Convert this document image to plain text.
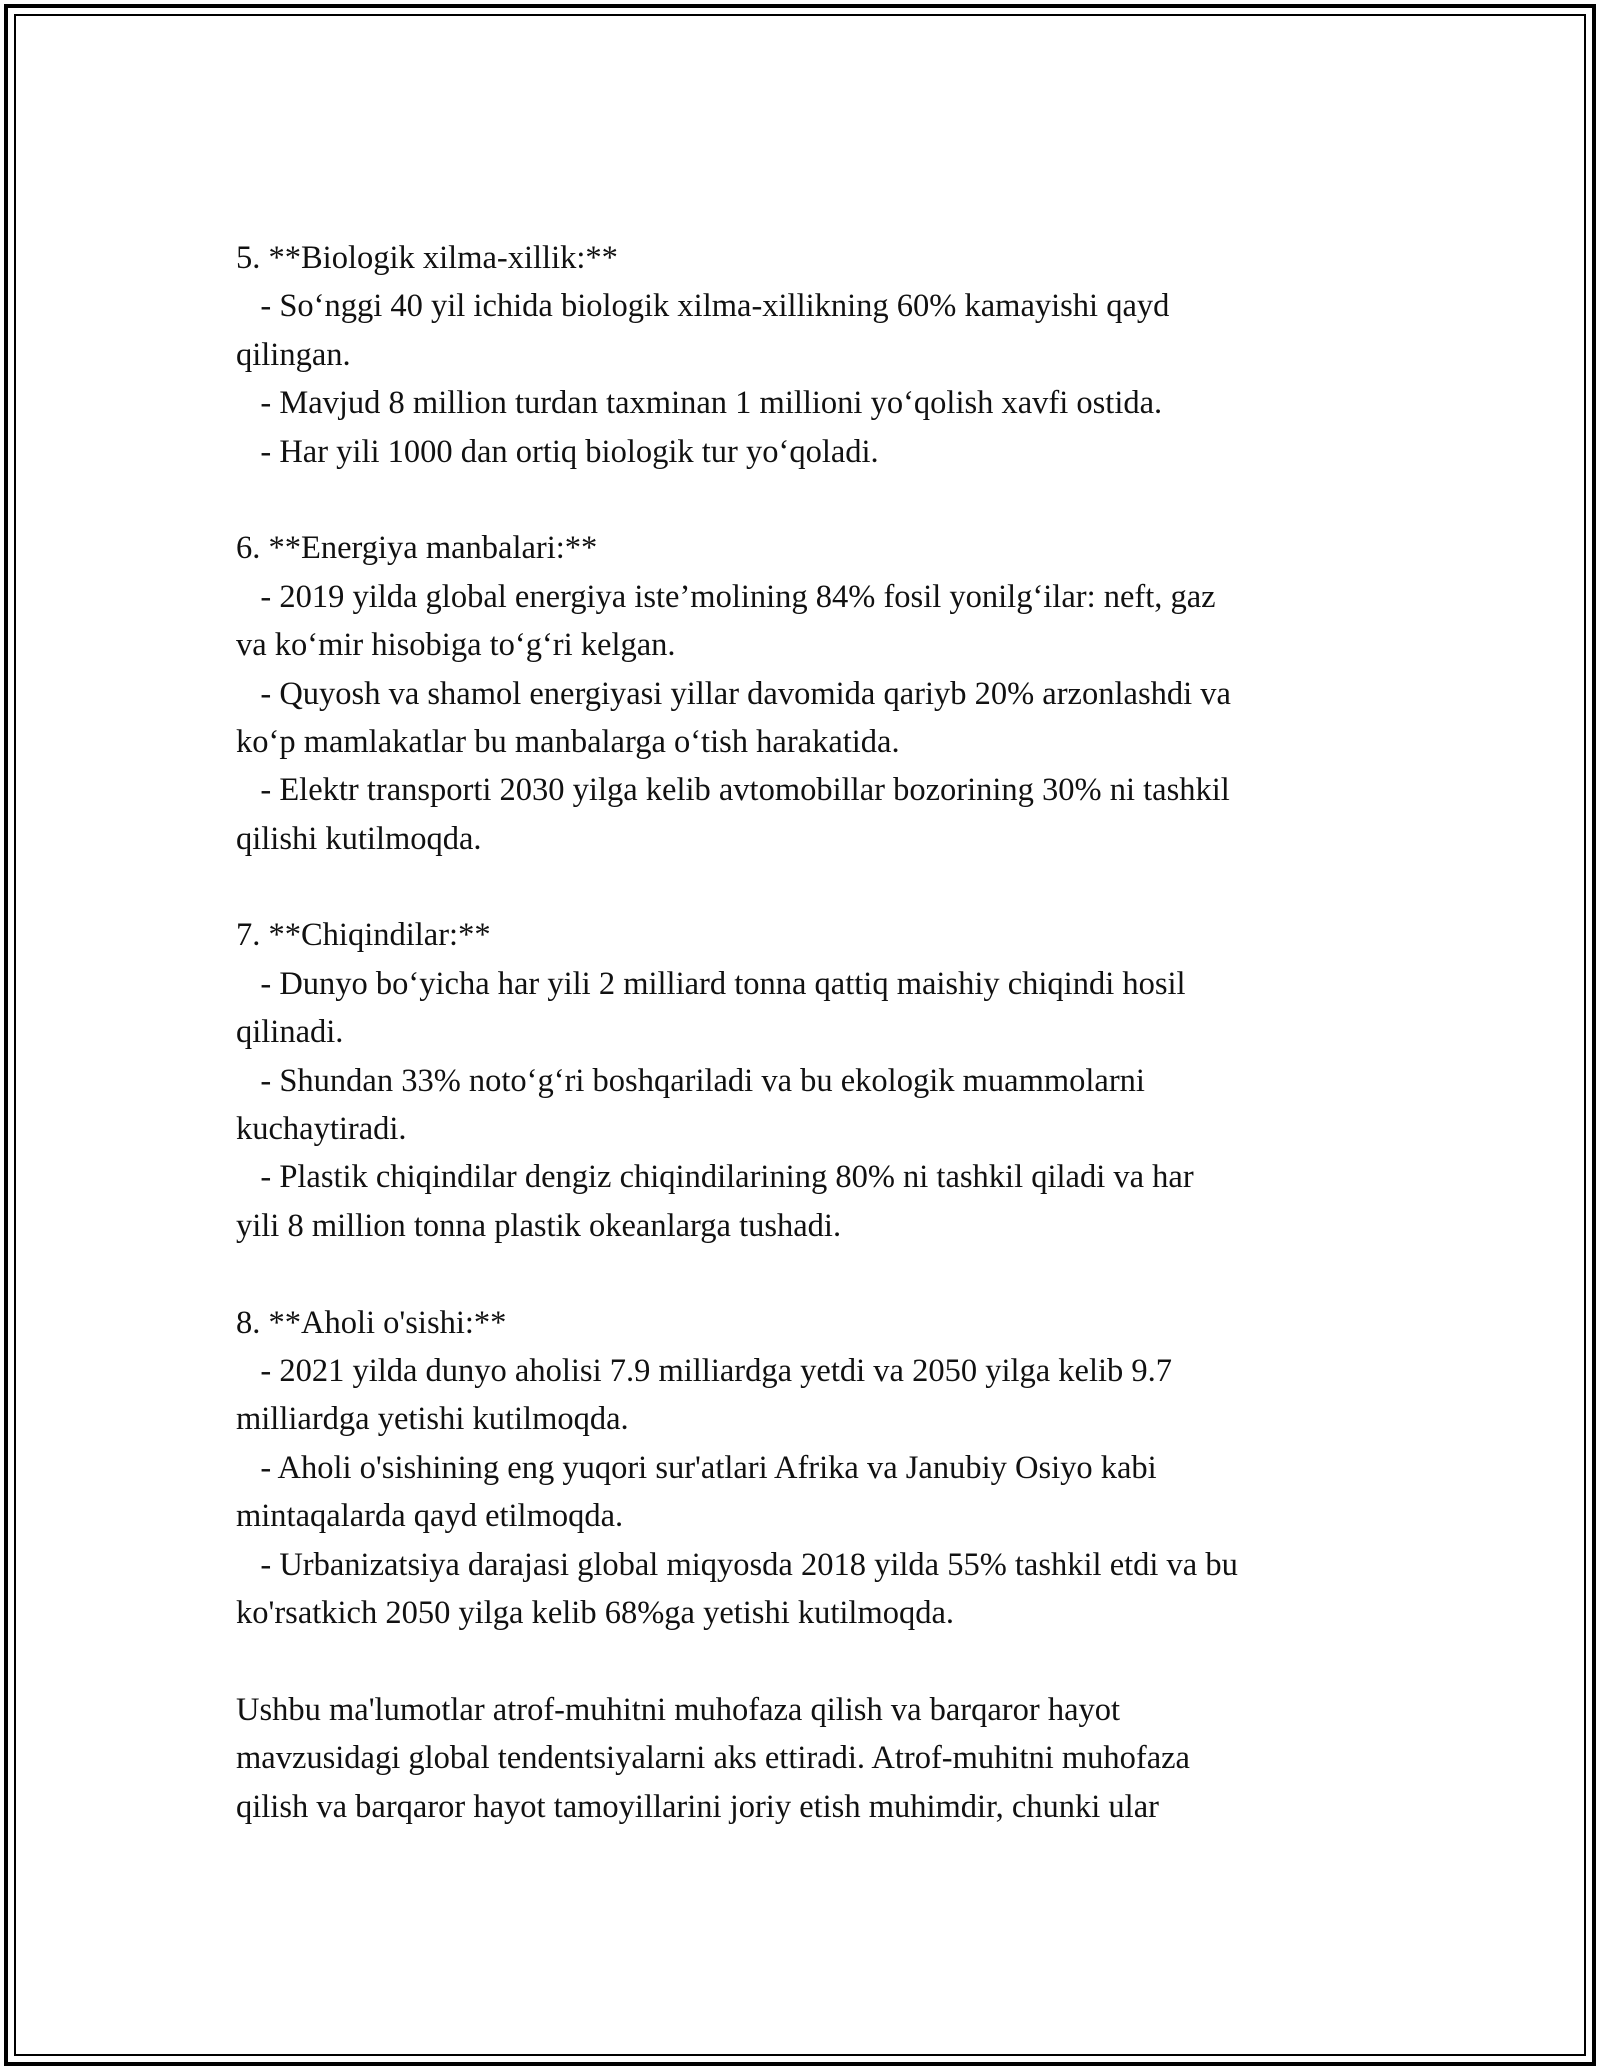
5. **Biologik xilma-xillik:**
- So‘nggi 40 yil ichida biologik xilma-xillikning 60% kamayishi qayd
qilingan.
- Mavjud 8 million turdan taxminan 1 millioni yo‘qolish xavfi ostida.
- Har yili 1000 dan ortiq biologik tur yo‘qoladi.
6. **Energiya manbalari:**
- 2019 yilda global energiya iste’molining 84% fosil yonilg‘ilar: neft, gaz
va ko‘mir hisobiga to‘g‘ri kelgan.
- Quyosh va shamol energiyasi yillar davomida qariyb 20% arzonlashdi va
ko‘p mamlakatlar bu manbalarga o‘tish harakatida.
- Elektr transporti 2030 yilga kelib avtomobillar bozorining 30% ni tashkil
qilishi kutilmoqda.
7. **Chiqindilar:**
- Dunyo bo‘yicha har yili 2 milliard tonna qattiq maishiy chiqindi hosil
qilinadi.
- Shundan 33% noto‘g‘ri boshqariladi va bu ekologik muammolarni
kuchaytiradi.
- Plastik chiqindilar dengiz chiqindilarining 80% ni tashkil qiladi va har
yili 8 million tonna plastik okeanlarga tushadi.
8. **Aholi o'sishi:**
- 2021 yilda dunyo aholisi 7.9 milliardga yetdi va 2050 yilga kelib 9.7
milliardga yetishi kutilmoqda.
- Aholi o'sishining eng yuqori sur'atlari Afrika va Janubiy Osiyo kabi
mintaqalarda qayd etilmoqda.
- Urbanizatsiya darajasi global miqyosda 2018 yilda 55% tashkil etdi va bu
ko'rsatkich 2050 yilga kelib 68%ga yetishi kutilmoqda.
Ushbu ma'lumotlar atrof-muhitni muhofaza qilish va barqaror hayot
mavzusidagi global tendentsiyalarni aks ettiradi. Atrof-muhitni muhofaza
qilish va barqaror hayot tamoyillarini joriy etish muhimdir, chunki ular
